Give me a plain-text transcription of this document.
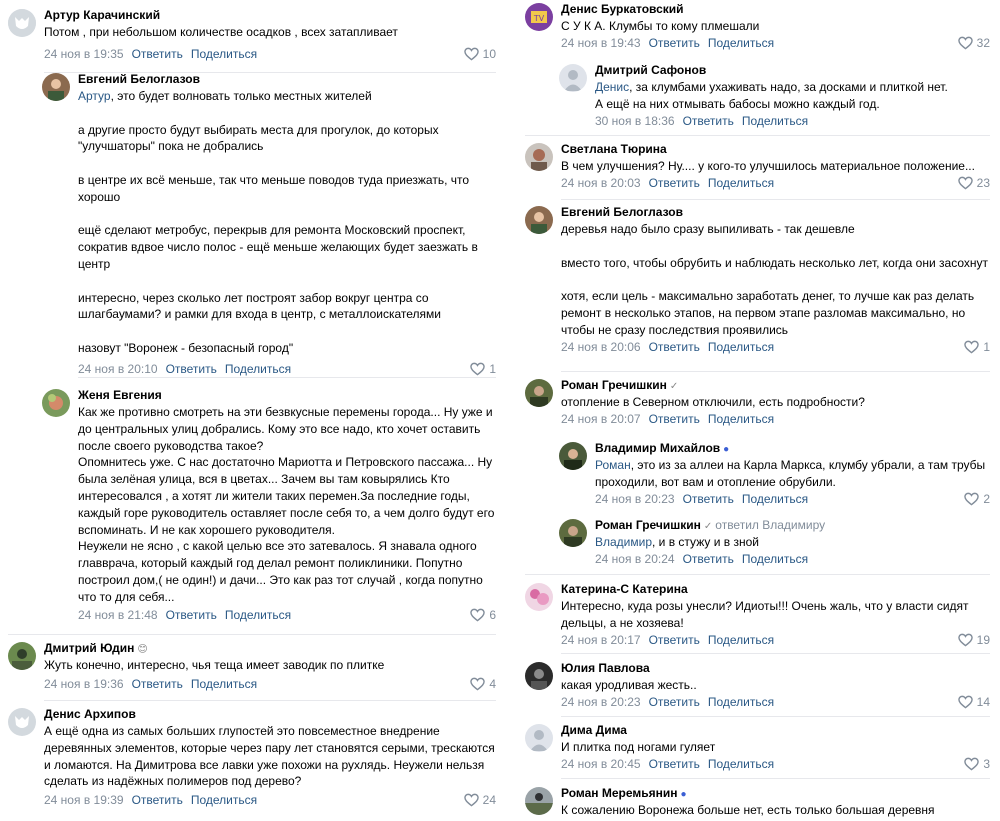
Артур Карачинский
Потом , при небольшом количестве осадков , всех затапливает
24 ноя в 19:35 Ответить Поделиться	10
Евгений Белоглазов
Артур, это будет волновать только местных жителей

а другие просто будут выбирать места для прогулок, до которых "улучшаторы" пока не добрались

в центре их всё меньше, так что меньше поводов туда приезжать, что хорошо

ещё сделают метробус, перекрыв для ремонта Московский проспект, сократив вдвое число полос - ещё меньше желающих будет заезжать в центр

интересно, через сколько лет построят забор вокруг центра со шлагбаумами? и рамки для входа в центр, с металлоискателями

назовут "Воронеж - безопасный город"
24 ноя в 20:10 Ответить Поделиться	1
Женя Евгения
Как же противно смотреть на эти безвкусные перемены города... Ну уже и до центральных улиц добрались. Кому это все надо, кто хочет оставить после своего руководства такое?
Опомнитесь уже. С нас достаточно Мариотта и Петровского пассажа... Ну была зелёная улица, вся в цветах... Зачем вы там ковырялись Кто интересовался , а хотят ли жители таких перемен.За последние годы, каждый горе руководитель оставляет после себя то, а чем долго будут его вспоминать. И не как хорошего руководителя.
Неужели не ясно , с какой целью все это затевалось. Я знавала одного главврача, который каждый год делал ремонт поликлиники. Попутно построил дом,( не один!) и дачи... Это как раз тот случай , когда попутно что то для себя...
24 ноя в 21:48 Ответить Поделиться	6
Дмитрий Юдин 😊
Жуть конечно, интересно, чья теща имеет заводик по плитке
24 ноя в 19:36 Ответить Поделиться	4
Денис Архипов
А ещё одна из самых больших глупостей это повсеместное внедрение деревянных элементов, которые через пару лет становятся серыми, трескаются и ломаются. На Димитрова все лавки уже похожи на рухлядь. Неужели нельзя сделать из надёжных полимеров под дерево?
24 ноя в 19:39 Ответить Поделиться	24
TV
Денис Буркатовский
С У К А. Клумбы то кому плмешали
24 ноя в 19:43 Ответить Поделиться	32
Дмитрий Сафонов
Денис, за клумбами ухаживать надо, за досками и плиткой нет.
А ещё на них отмывать бабосы можно каждый год.
30 ноя в 18:36 Ответить Поделиться
Светлана Тюрина
В чем улучшения? Ну.... у кого-то улучшилось материальное положение...
24 ноя в 20:03 Ответить Поделиться	23
Евгений Белоглазов
деревья надо было сразу выпиливать - так дешевле

вместо того, чтобы обрубить и наблюдать несколько лет, когда они засохнут

хотя, если цель - максимально заработать денег, то лучше как раз делать ремонт в несколько этапов, на первом этапе разломав максимально, но чтобы не сразу последствия проявились
24 ноя в 20:06 Ответить Поделиться	1
Роман Гречишкин ✓
отопление в Северном отключили, есть подробности?
24 ноя в 20:07 Ответить Поделиться
Владимир Михайлов ●
Роман, это из за аллеи на Карла Маркса, клумбу убрали, а там трубы проходили, вот вам и отопление обрубили.
24 ноя в 20:23 Ответить Поделиться	2
Роман Гречишкин ✓ ответил Владимиру
Владимир, и в стужу и в зной
24 ноя в 20:24 Ответить Поделиться
Катерина-С Катерина
Интересно, куда розы унесли? Идиоты!!! Очень жаль, что у власти сидят дельцы, а не хозяева!
24 ноя в 20:17 Ответить Поделиться	19
Юлия Павлова
какая уродливая жесть..
24 ноя в 20:23 Ответить Поделиться	14
Дима Дима
И плитка под ногами гуляет
24 ноя в 20:45 Ответить Поделиться	3
Роман Меремьянин ●
К сожалению Воронежа больше нет, есть только большая деревня
